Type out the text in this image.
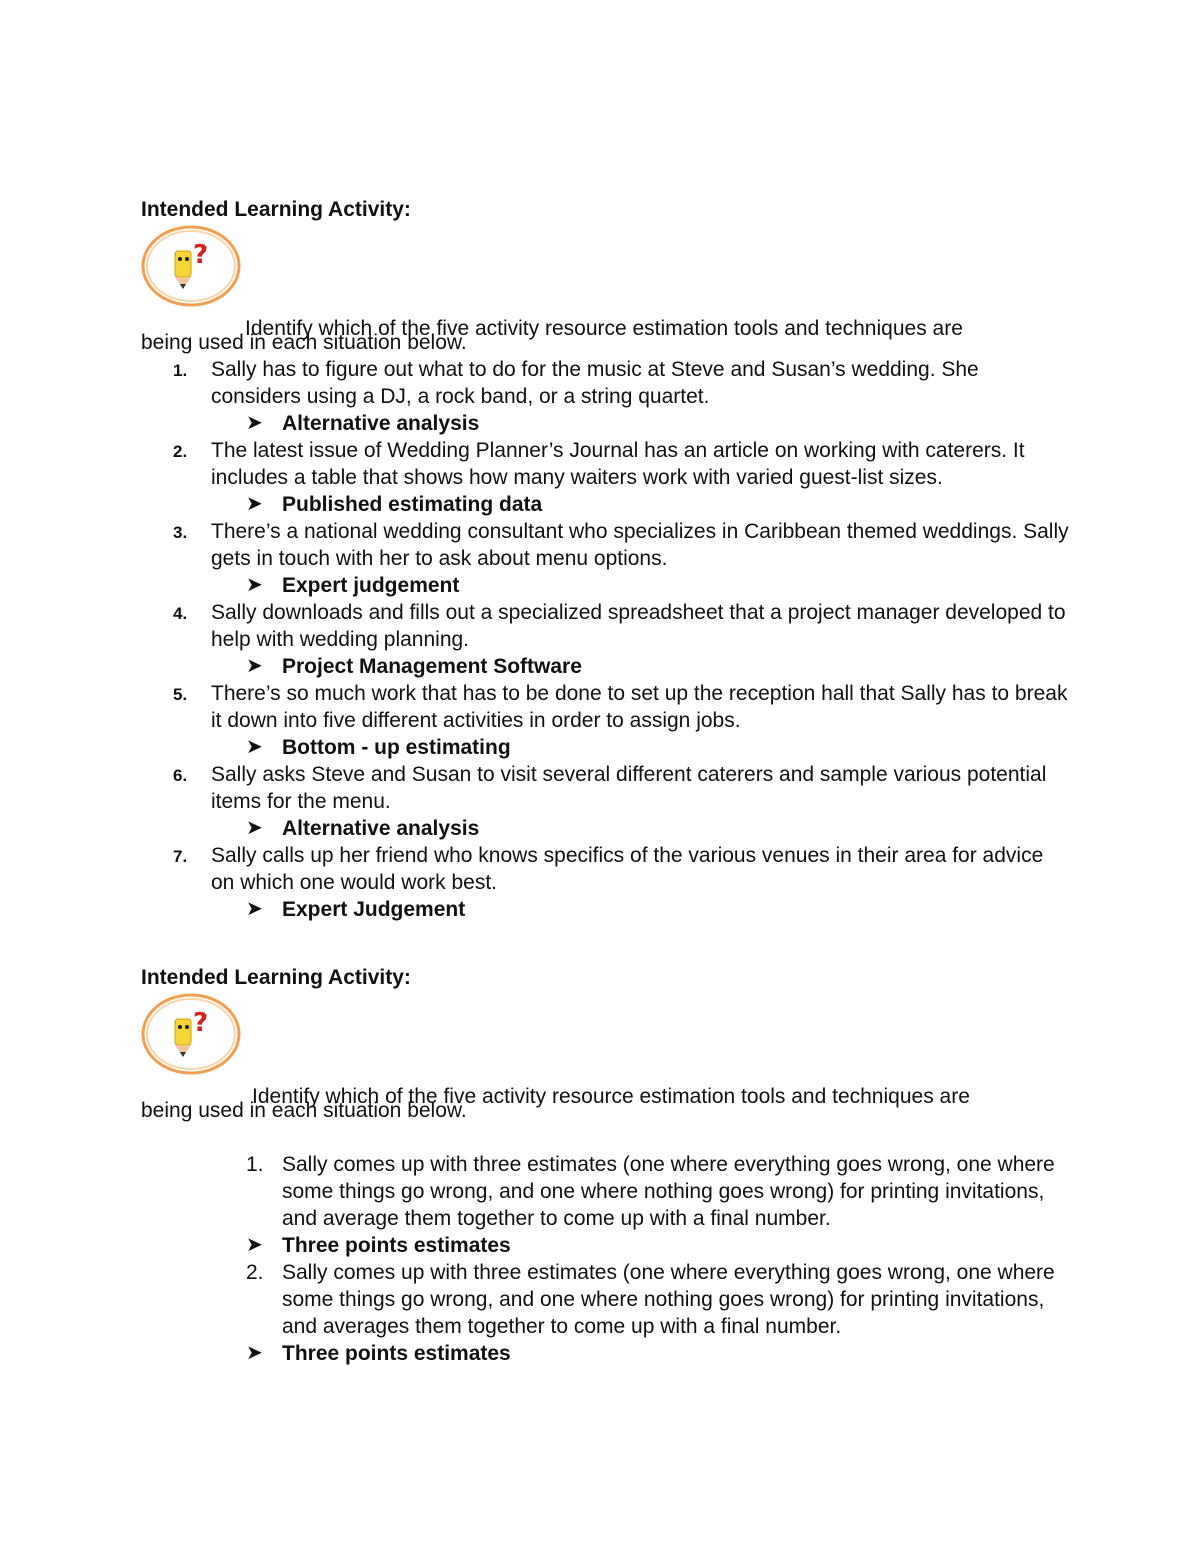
Intended Learning Activity:

?
Identify which of the five activity resource estimation tools and techniques are
being used in each situation below.
1. Sally has to figure out what to do for the music at Steve and Susan’s wedding. She considers using a DJ, a rock band, or a string quartet.
➤ Alternative analysis
2. The latest issue of Wedding Planner’s Journal has an article on working with caterers. It includes a table that shows how many waiters work with varied guest-list sizes.
➤ Published estimating data
3. There’s a national wedding consultant who specializes in Caribbean themed weddings. Sally gets in touch with her to ask about menu options.
➤ Expert judgement
4. Sally downloads and fills out a specialized spreadsheet that a project manager developed to help with wedding planning.
➤ Project Management Software
5. There’s so much work that has to be done to set up the reception hall that Sally has to break it down into five different activities in order to assign jobs.
➤ Bottom - up estimating
6. Sally asks Steve and Susan to visit several different caterers and sample various potential items for the menu.
➤ Alternative analysis
7. Sally calls up her friend who knows specifics of the various venues in their area for advice on which one would work best.
➤ Expert Judgement

Intended Learning Activity:

?
Identify which of the five activity resource estimation tools and techniques are
being used in each situation below.
1. Sally comes up with three estimates (one where everything goes wrong, one where some things go wrong, and one where nothing goes wrong) for printing invitations, and average them together to come up with a final number.
➤ Three points estimates
2. Sally comes up with three estimates (one where everything goes wrong, one where some things go wrong, and one where nothing goes wrong) for printing invitations, and averages them together to come up with a final number.
➤ Three points estimates
